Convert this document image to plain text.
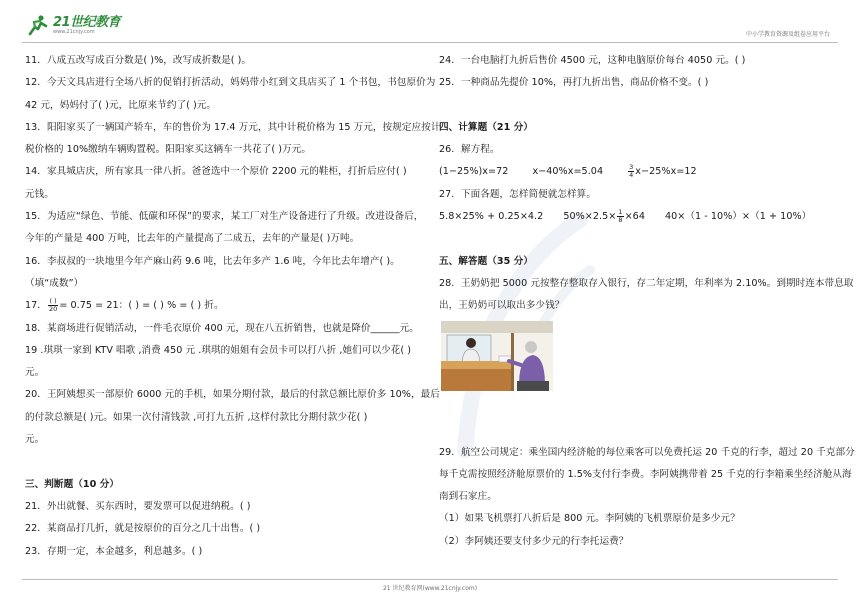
21世纪教育
www.21cnjy.com	中小学教育资源及组卷应用平台
11．八成五改写成百分数是( )%，改写成折数是( )。
12．今天文具店进行全场八折的促销打折活动，妈妈带小红到文具店买了 1 个书包，书包原价为
42 元，妈妈付了( )元，比原来节约了( )元。
13．阳阳家买了一辆国产轿车，车的售价为 17.4 万元，其中计税价格为 15 万元，按规定应按计
税价格的 10%缴纳车辆购置税。阳阳家买这辆车一共花了( )万元。
14．家具城店庆，所有家具一律八折。爸爸选中一个原价 2200 元的鞋柜，打折后应付( )
元钱。
15．为适应“绿色、节能、低碳和环保”的要求，某工厂对生产设备进行了升级。改进设备后，
今年的产量是 400 万吨，比去年的产量提高了二成五，去年的产量是( )万吨。
16．李叔叔的一块地里今年产麻山药 9.6 吨，比去年多产 1.6 吨，今年比去年增产( )。
（填“成数”）
17． $\frac{( )}{20} = 0.75 = 21$：( ) = ( ) % = ( ) 折。
18．某商场进行促销活动，一件毛衣原价 400 元，现在八五折销售，也就是降价______元。
19 .琪琪一家到 KTV 唱歌 ,消费 450 元 .琪琪的姐姐有会员卡可以打八折 ,她们可以少花( )
元。
20．王阿姨想买一部原价 6000 元的手机，如果分期付款，最后的付款总额比原价多 10%，最后
的付款总额是( )元。如果一次付清钱款 ,可打九五折 ,这样付款比分期付款少花( )
元。
三、判断题（10 分）
21．外出就餐、买东西时，要发票可以促进纳税。( )
22．某商品打几折，就是按原价的百分之几十出售。( )
23．存期一定，本金越多，利息越多。( )
24．一台电脑打九折后售价 4500 元，这种电脑原价每台 4050 元。( )
25．一种商品先提价 10%，再打九折出售，商品价格不变。( )
四、计算题（21 分）
26．解方程。
(1−25%)x=72	x−40%x=5.04	$\frac{3}{4} x-25\%x=12$
27．下面各题，怎样简便就怎样算。
5.8×25% + 0.25×4.2 $50\%\times 2.5\times \frac{1}{8} \times 64$ 40×（1 - 10%）×（1 + 10%）
五、解答题（35 分）
28．王奶奶把 5000 元按整存整取存入银行，存二年定期，年利率为 2.10%。到期时连本带息取
出，王奶奶可以取出多少钱？
29．航空公司规定：乘坐国内经济舱的每位乘客可以免费托运 20 千克的行李，超过 20 千克部分
每千克需按照经济舱原票价的 1.5%支付行李费。李阿姨携带着 25 千克的行李箱乘坐经济舱从海
南到石家庄。
（1）如果飞机票打八折后是 800 元。李阿姨的飞机票原价是多少元？
（2）李阿姨还要支付多少元的行李托运费？
21 世纪教育网(www.21cnjy.com)
